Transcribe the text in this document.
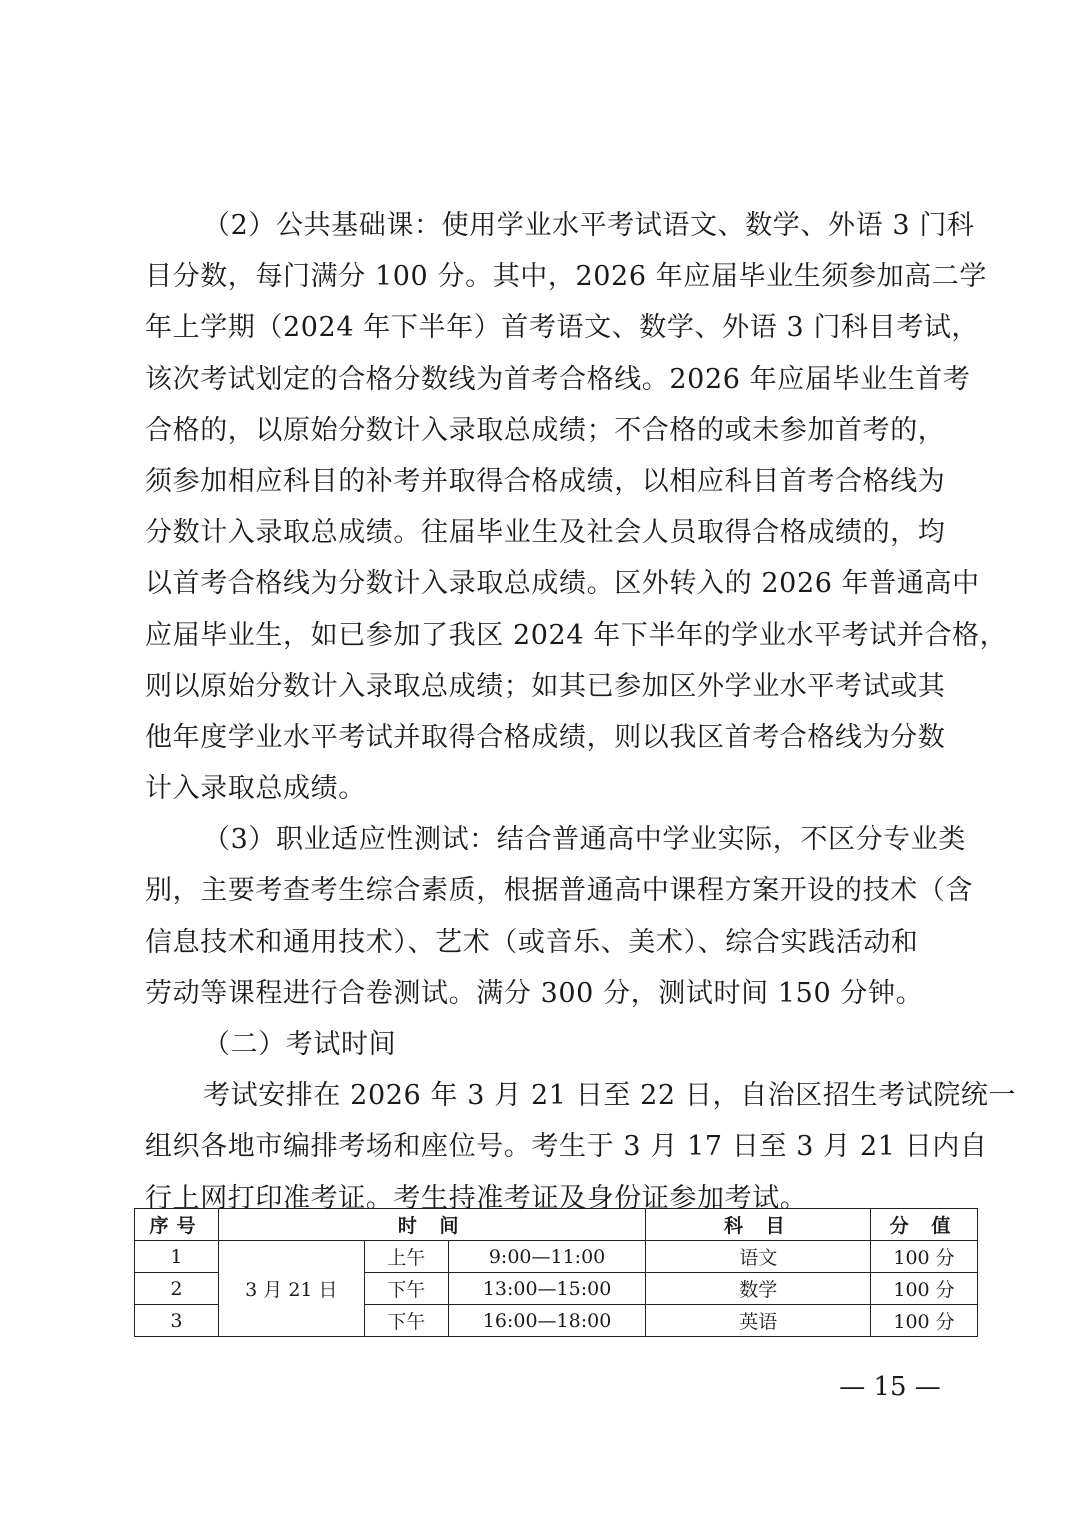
（2）公共基础课：使用学业水平考试语文、数学、外语 3 门科
目分数，每门满分 100 分。其中，2026 年应届毕业生须参加高二学
年上学期（2024 年下半年）首考语文、数学、外语 3 门科目考试，
该次考试划定的合格分数线为首考合格线。2026 年应届毕业生首考
合格的，以原始分数计入录取总成绩；不合格的或未参加首考的，
须参加相应科目的补考并取得合格成绩，以相应科目首考合格线为
分数计入录取总成绩。往届毕业生及社会人员取得合格成绩的，均
以首考合格线为分数计入录取总成绩。区外转入的 2026 年普通高中
应届毕业生，如已参加了我区 2024 年下半年的学业水平考试并合格，
则以原始分数计入录取总成绩；如其已参加区外学业水平考试或其
他年度学业水平考试并取得合格成绩，则以我区首考合格线为分数
计入录取总成绩。
（3）职业适应性测试：结合普通高中学业实际，不区分专业类
别，主要考查考生综合素质，根据普通高中课程方案开设的技术（含
信息技术和通用技术）、艺术（或音乐、美术）、综合实践活动和
劳动等课程进行合卷测试。满分 300 分，测试时间 150 分钟。
（二）考试时间
考试安排在 2026 年 3 月 21 日至 22 日，自治区招生考试院统一
组织各地市编排考场和座位号。考生于 3 月 17 日至 3 月 21 日内自
行上网打印准考证。考生持准考证及身份证参加考试。
序号	时 间			科 目	分 值
1	3 月 21 日	上午	9:00—11:00	语文	100 分
2		下午	13:00—15:00	数学	100 分
3		下午	16:00—18:00	英语	100 分
— 15 —
